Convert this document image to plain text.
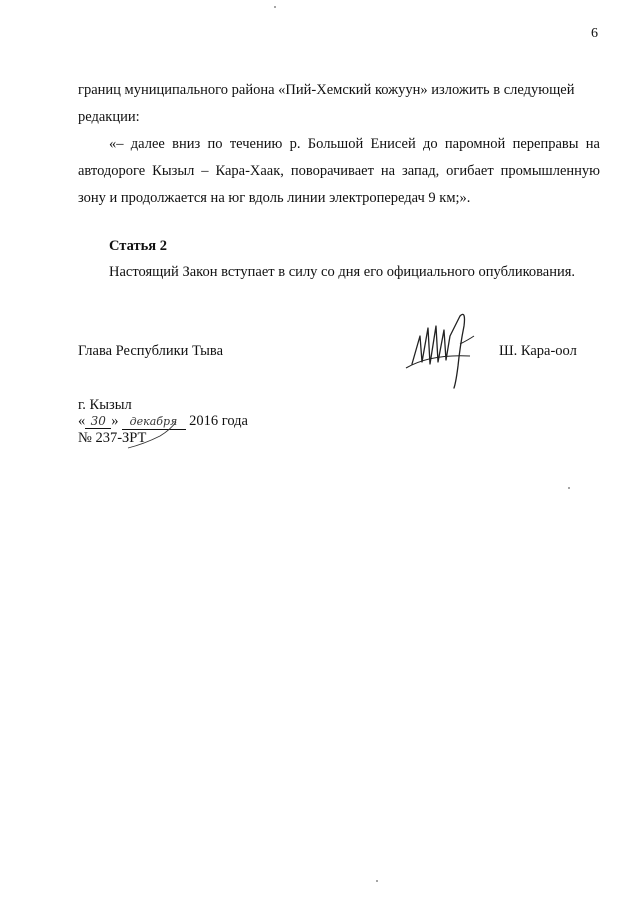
6
границ муниципального района «Пий-Хемский кожуун» изложить в следующей
редакции:
«– далее вниз по течению р. Большой Енисей до паромной переправы на автодороге Кызыл – Кара-Хаак, поворачивает на запад, огибает промышленную зону и продолжается на юг вдоль линии электропередач 9 км;».
Статья 2
Настоящий Закон вступает в силу со дня его официального опубликования.
Глава Республики Тыва	Ш. Кара-оол
г. Кызыл
« 30 » декабря 2016 года
№ 237-ЗРТ
